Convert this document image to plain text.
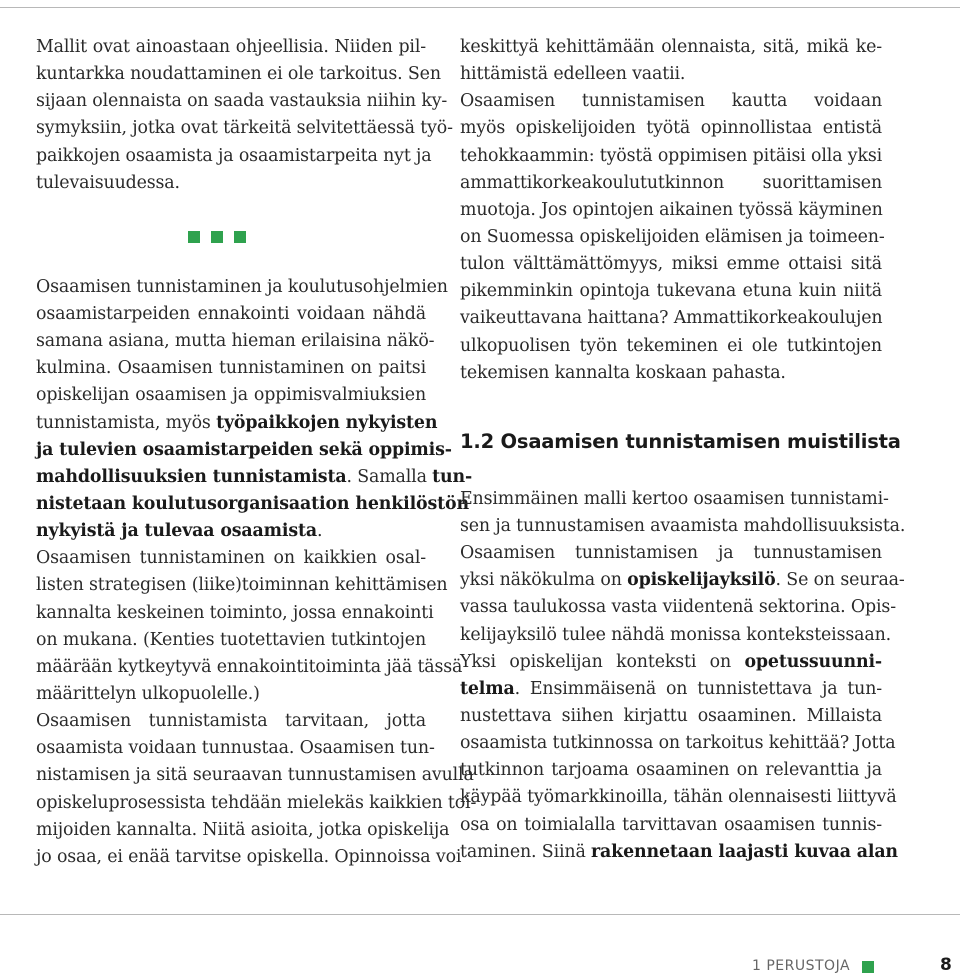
Mallit ovat ainoastaan ohjeellisia. Niiden pil-
kuntarkka noudattaminen ei ole tarkoitus. Sen
sijaan olennaista on saada vastauksia niihin ky-
symyksiin, jotka ovat tärkeitä selvitettäessä työ-
paikkojen osaamista ja osaamistarpeita nyt ja
tulevaisuudessa.
Osaamisen tunnistaminen ja koulutusohjelmien
osaamistarpeiden ennakointi voidaan nähdä
samana asiana, mutta hieman erilaisina näkö-
kulmina. Osaamisen tunnistaminen on paitsi
opiskelijan osaamisen ja oppimisvalmiuksien
tunnistamista, myös työpaikkojen nykyisten
ja tulevien osaamistarpeiden sekä oppimis-
mahdollisuuksien tunnistamista. Samalla tun-
nistetaan koulutusorganisaation henkilöstön
nykyistä ja tulevaa osaamista.
Osaamisen tunnistaminen on kaikkien osal-
listen strategisen (liike)toiminnan kehittämisen
kannalta keskeinen toiminto, jossa ennakointi
on mukana. (Kenties tuotettavien tutkintojen
määrään kytkeytyvä ennakointitoiminta jää tässä
määrittelyn ulkopuolelle.)
Osaamisen tunnistamista tarvitaan, jotta
osaamista voidaan tunnustaa. Osaamisen tun-
nistamisen ja sitä seuraavan tunnustamisen avulla
opiskeluprosessista tehdään mielekäs kaikkien toi-
mijoiden kannalta. Niitä asioita, jotka opiskelija
jo osaa, ei enää tarvitse opiskella. Opinnoissa voi
keskittyä kehittämään olennaista, sitä, mikä ke-
hittämistä edelleen vaatii.
Osaamisen tunnistamisen kautta voidaan
myös opiskelijoiden työtä opinnollistaa entistä
tehokkaammin: työstä oppimisen pitäisi olla yksi
ammattikorkeakoulututkinnon suorittamisen
muotoja. Jos opintojen aikainen työssä käyminen
on Suomessa opiskelijoiden elämisen ja toimeen-
tulon välttämättömyys, miksi emme ottaisi sitä
pikemminkin opintoja tukevana etuna kuin niitä
vaikeuttavana haittana? Ammattikorkeakoulujen
ulkopuolisen työn tekeminen ei ole tutkintojen
tekemisen kannalta koskaan pahasta.
1.2 Osaamisen tunnistamisen muistilista
Ensimmäinen malli kertoo osaamisen tunnistami-
sen ja tunnustamisen avaamista mahdollisuuksista.
Osaamisen tunnistamisen ja tunnustamisen
yksi näkökulma on opiskelijayksilö. Se on seuraa-
vassa taulukossa vasta viidentenä sektorina. Opis-
kelijayksilö tulee nähdä monissa konteksteissaan.
Yksi opiskelijan konteksti on opetussuunni-
telma. Ensimmäisenä on tunnistettava ja tun-
nustettava siihen kirjattu osaaminen. Millaista
osaamista tutkinnossa on tarkoitus kehittää? Jotta
tutkinnon tarjoama osaaminen on relevanttia ja
käypää työmarkkinoilla, tähän olennaisesti liittyvä
osa on toimialalla tarvittavan osaamisen tunnis-
taminen. Siinä rakennetaan laajasti kuvaa alan
1 PERUSTOJA	8
